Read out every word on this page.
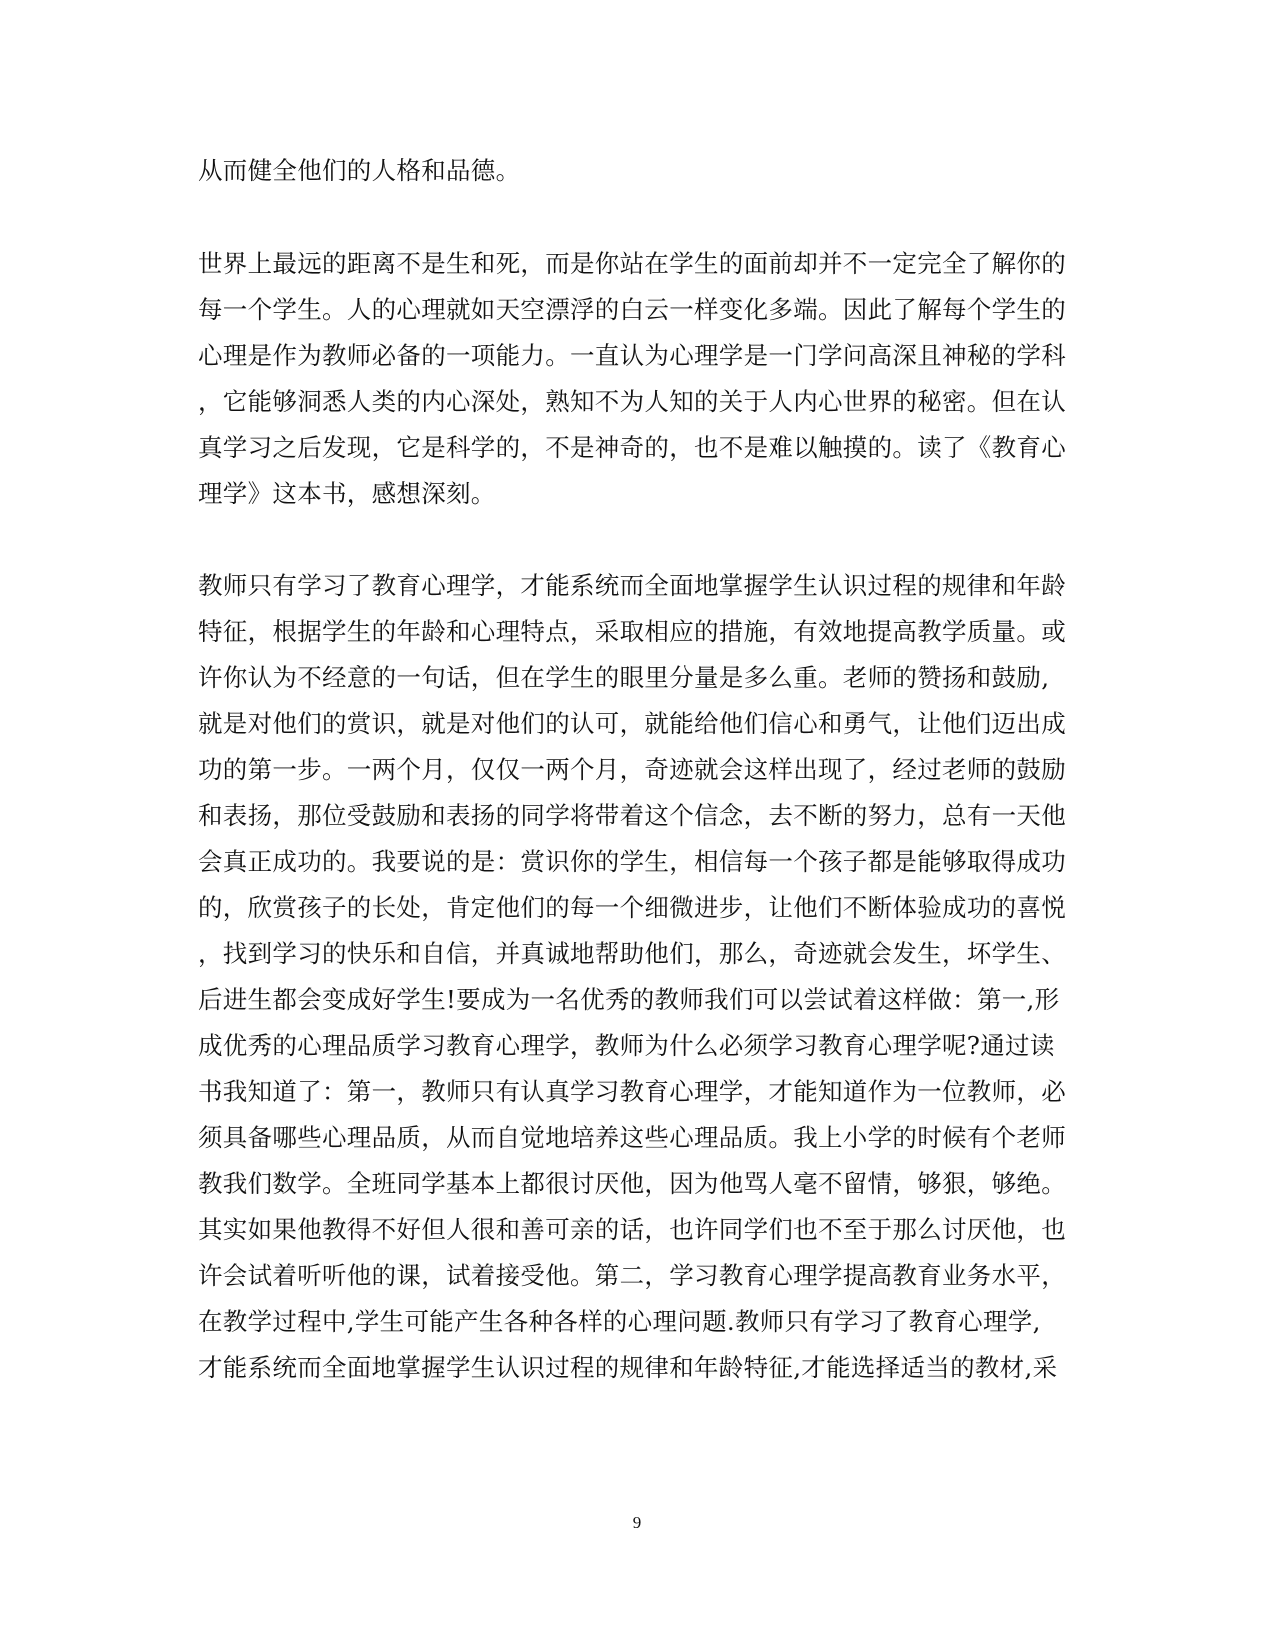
从而健全他们的人格和品德。
世界上最远的距离不是生和死，而是你站在学生的面前却并不一定完全了解你的
每一个学生。人的心理就如天空漂浮的白云一样变化多端。因此了解每个学生的
心理是作为教师必备的一项能力。一直认为心理学是一门学问高深且神秘的学科
，它能够洞悉人类的内心深处，熟知不为人知的关于人内心世界的秘密。但在认
真学习之后发现，它是科学的，不是神奇的，也不是难以触摸的。读了《教育心
理学》这本书，感想深刻。
教师只有学习了教育心理学，才能系统而全面地掌握学生认识过程的规律和年龄
特征，根据学生的年龄和心理特点，采取相应的措施，有效地提高教学质量。或
许你认为不经意的一句话，但在学生的眼里分量是多么重。老师的赞扬和鼓励,
就是对他们的赏识，就是对他们的认可，就能给他们信心和勇气，让他们迈出成
功的第一步。一两个月，仅仅一两个月，奇迹就会这样出现了，经过老师的鼓励
和表扬，那位受鼓励和表扬的同学将带着这个信念，去不断的努力，总有一天他
会真正成功的。我要说的是：赏识你的学生，相信每一个孩子都是能够取得成功
的，欣赏孩子的长处，肯定他们的每一个细微进步，让他们不断体验成功的喜悦
，找到学习的快乐和自信，并真诚地帮助他们，那么，奇迹就会发生，坏学生、
后进生都会变成好学生!要成为一名优秀的教师我们可以尝试着这样做：第一,形
成优秀的心理品质学习教育心理学，教师为什么必须学习教育心理学呢?通过读
书我知道了：第一，教师只有认真学习教育心理学，才能知道作为一位教师，必
须具备哪些心理品质，从而自觉地培养这些心理品质。我上小学的时候有个老师
教我们数学。全班同学基本上都很讨厌他，因为他骂人毫不留情，够狠，够绝。
其实如果他教得不好但人很和善可亲的话，也许同学们也不至于那么讨厌他，也
许会试着听听他的课，试着接受他。第二，学习教育心理学提高教育业务水平，
在教学过程中,学生可能产生各种各样的心理问题.教师只有学习了教育心理学,
才能系统而全面地掌握学生认识过程的规律和年龄特征,才能选择适当的教材,采
9
